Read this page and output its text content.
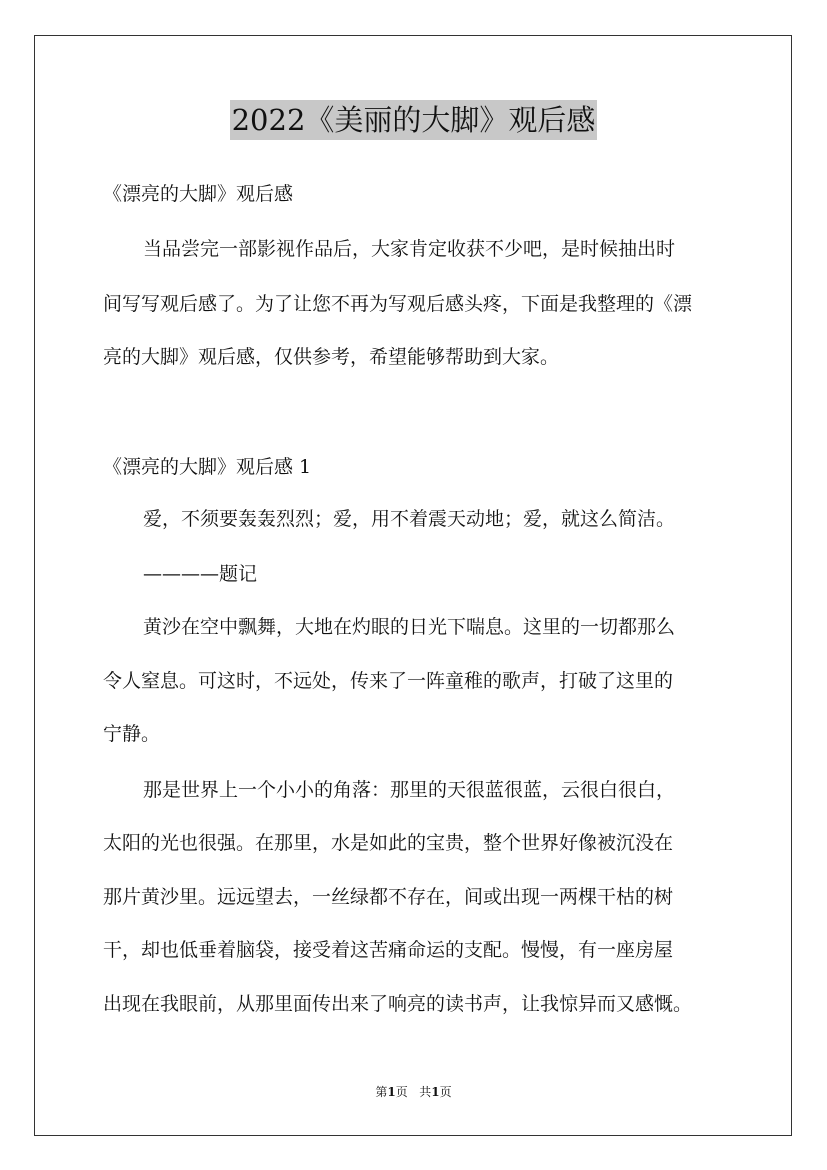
2022《美丽的大脚》观后感
《漂亮的大脚》观后感
当品尝完一部影视作品后，大家肯定收获不少吧，是时候抽出时
间写写观后感了。为了让您不再为写观后感头疼，下面是我整理的《漂
亮的大脚》观后感，仅供参考，希望能够帮助到大家。
《漂亮的大脚》观后感 1
爱，不须要轰轰烈烈；爱，用不着震天动地；爱，就这么简洁。
————题记
黄沙在空中飘舞，大地在灼眼的日光下喘息。这里的一切都那么
令人窒息。可这时，不远处，传来了一阵童稚的歌声，打破了这里的
宁静。
那是世界上一个小小的角落：那里的天很蓝很蓝，云很白很白，
太阳的光也很强。在那里，水是如此的宝贵，整个世界好像被沉没在
那片黄沙里。远远望去，一丝绿都不存在，间或出现一两棵干枯的树
干，却也低垂着脑袋，接受着这苦痛命运的支配。慢慢，有一座房屋
出现在我眼前，从那里面传出来了响亮的读书声，让我惊异而又感慨。
第1页 共1页
